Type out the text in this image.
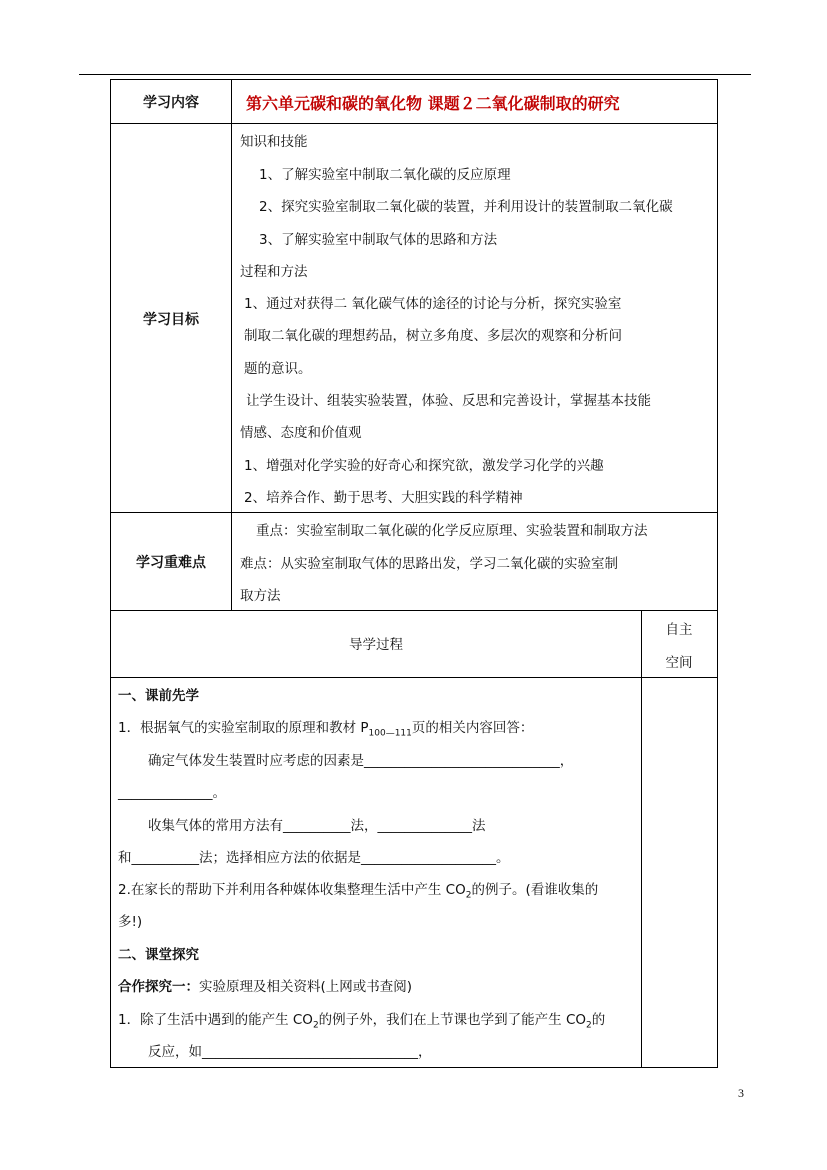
学习内容	第六单元碳和碳的氧化物 课题２二氧化碳制取的研究
学习目标
知识和技能
1、了解实验室中制取二氧化碳的反应原理
2、探究实验室制取二氧化碳的装置，并利用设计的装置制取二氧化碳
3、了解实验室中制取气体的思路和方法
过程和方法
1、通过对获得二 氧化碳气体的途径的讨论与分析，探究实验室
制取二氧化碳的理想药品，树立多角度、多层次的观察和分析问
题的意识。
让学生设计、组装实验装置，体验、反思和完善设计，掌握基本技能
情感、态度和价值观
1、增强对化学实验的好奇心和探究欲，激发学习化学的兴趣
2、培养合作、勤于思考、大胆实践的科学精神
学习重难点
重点：实验室制取二氧化碳的化学反应原理、实验装置和制取方法
难点：从实验室制取气体的思路出发，学习二氧化碳的实验室制
取方法
导学过程
自主
空间
一、课前先学
1．根据氧气的实验室制取的原理和教材 $P_{100—111}$页的相关内容回答：
确定气体发生装置时应考虑的因素是_____________________________，
______________。
收集气体的常用方法有__________法，______________法
和__________法；选择相应方法的依据是____________________。
2.在家长的帮助下并利用各种媒体收集整理生活中产生 $CO_2$的例子。(看谁收集的
多!)
二、课堂探究
合作探究一：实验原理及相关资料(上网或书查阅)
1．除了生活中遇到的能产生 $CO_2$的例子外，我们在上节课也学到了能产生 $CO_2$的
反应，如________________________________，
3
